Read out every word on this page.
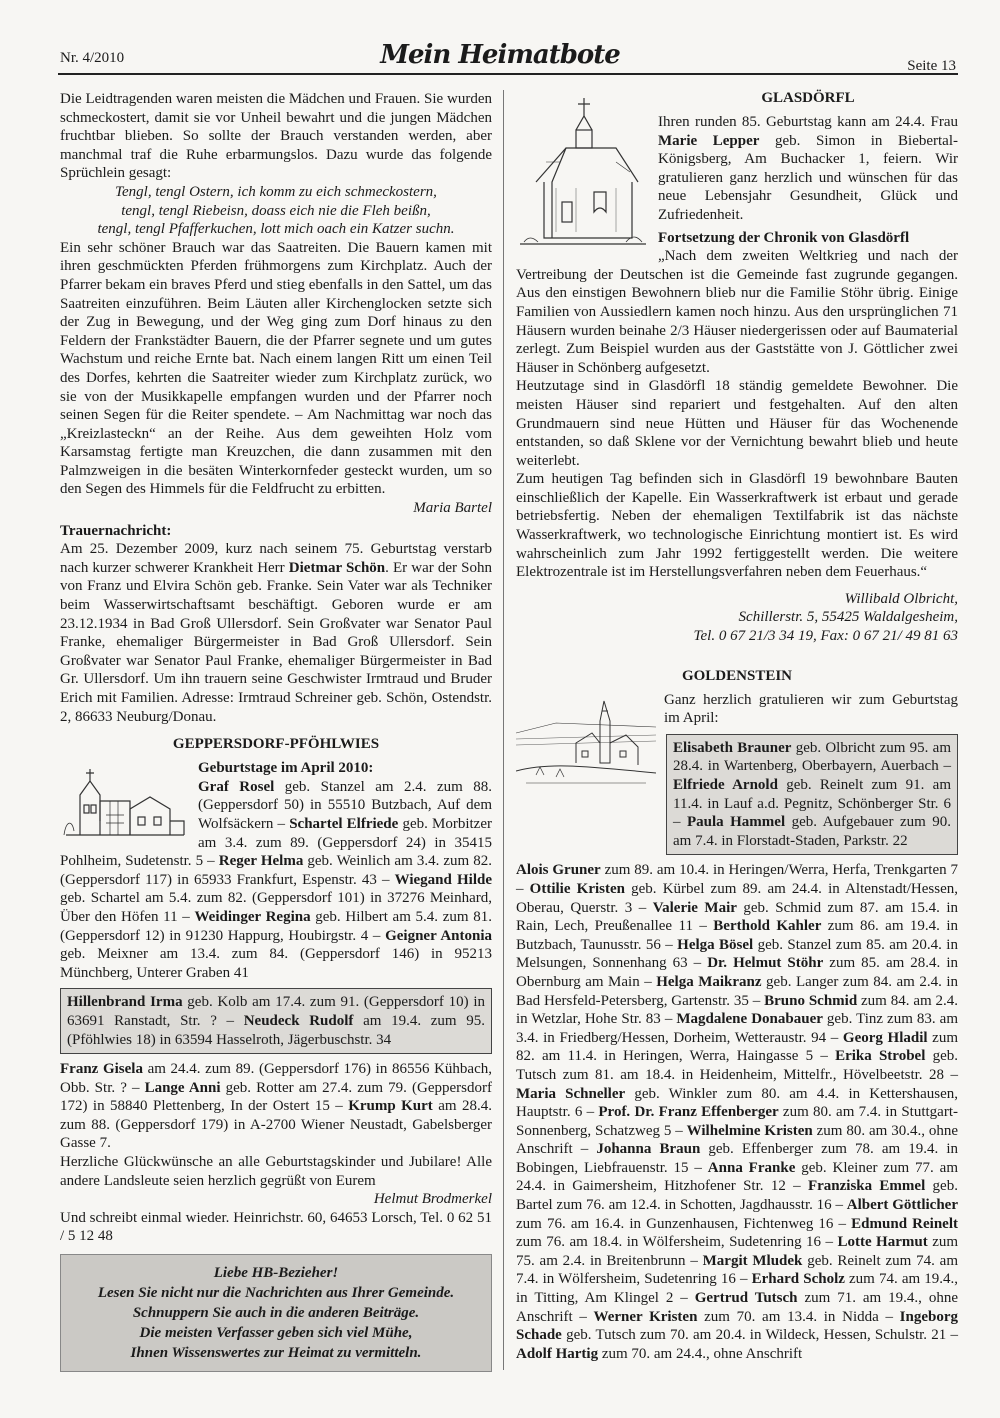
Nr. 4/2010	Mein Heimatbote	Seite 13

Die Leidtragenden waren meisten die Mädchen und Frauen. Sie wurden schmeckostert, damit sie vor Unheil bewahrt und die jungen Mädchen fruchtbar blieben. So sollte der Brauch verstanden werden, aber manchmal traf die Ruhe erbarmungslos. Dazu wurde das folgende Sprüchlein gesagt:

Tengl, tengl Ostern, ich komm zu eich schmeckostern,

tengl, tengl Riebeisn, doass eich nie die Fleh beißn,

tengl, tengl Pfafferkuchen, lott mich oach ein Katzer suchn.

Ein sehr schöner Brauch war das Saatreiten. Die Bauern kamen mit ihren geschmückten Pferden frühmorgens zum Kirchplatz. Auch der Pfarrer bekam ein braves Pferd und stieg ebenfalls in den Sattel, um das Saatreiten einzuführen. Beim Läuten aller Kirchenglocken setzte sich der Zug in Bewegung, und der Weg ging zum Dorf hinaus zu den Feldern der Frankstädter Bauern, die der Pfarrer segnete und um gutes Wachstum und reiche Ernte bat. Nach einem langen Ritt um einen Teil des Dorfes, kehrten die Saatreiter wieder zum Kirchplatz zurück, wo sie von der Musikkapelle empfangen wurden und der Pfarrer noch seinen Segen für die Reiter spendete. – Am Nachmittag war noch das „Kreizlasteckn“ an der Reihe. Aus dem geweihten Holz vom Karsamstag fertigte man Kreuzchen, die dann zusammen mit den Palmzweigen in die besäten Winterkornfeder gesteckt wurden, um so den Segen des Himmels für die Feldfrucht zu erbitten.

Maria Bartel

Trauernachricht:

Am 25. Dezember 2009, kurz nach seinem 75. Geburtstag verstarb nach kurzer schwerer Krankheit Herr Dietmar Schön. Er war der Sohn von Franz und Elvira Schön geb. Franke. Sein Vater war als Techniker beim Wasserwirtschaftsamt beschäftigt. Geboren wurde er am 23.12.1934 in Bad Groß Ullersdorf. Sein Großvater war Senator Paul Franke, ehemaliger Bürgermeister in Bad Groß Ullersdorf. Sein Großvater war Senator Paul Franke, ehemaliger Bürgermeister in Bad Gr. Ullersdorf. Um ihn trauern seine Geschwister Irmtraud und Bruder Erich mit Familien. Adresse: Irmtraud Schreiner geb. Schön, Ostendstr. 2, 86633 Neuburg/Donau.

GEPPERSDORF-PFÖHLWIES

Geburtstage im April 2010:

Graf Rosel geb. Stanzel am 2.4. zum 88. (Geppersdorf 50) in 55510 Butzbach, Auf dem Wolfsäckern – Schartel Elfriede geb. Morbitzer am 3.4. zum 89. (Geppersdorf 24) in 35415 Pohlheim, Sudetenstr. 5 – Reger Helma geb. Weinlich am 3.4. zum 82. (Geppersdorf 117) in 65933 Frankfurt, Espenstr. 43 – Wiegand Hilde geb. Schartel am 5.4. zum 82. (Geppersdorf 101) in 37276 Meinhard, Über den Höfen 11 – Weidinger Regina geb. Hilbert am 5.4. zum 81. (Geppersdorf 12) in 91230 Happurg, Houbirgstr. 4 – Geigner Antonia geb. Meixner am 13.4. zum 84. (Geppersdorf 146) in 95213 Münchberg, Unterer Graben 41

Hillenbrand Irma geb. Kolb am 17.4. zum 91. (Geppersdorf 10) in 63691 Ranstadt, Str. ? – Neudeck Rudolf am 19.4. zum 95. (Pföhlwies 18) in 63594 Hasselroth, Jägerbuschstr. 34

Franz Gisela am 24.4. zum 89. (Geppersdorf 176) in 86556 Kühbach, Obb. Str. ? – Lange Anni geb. Rotter am 27.4. zum 79. (Geppersdorf 172) in 58840 Plettenberg, In der Ostert 15 – Krump Kurt am 28.4. zum 88. (Geppersdorf 179) in A-2700 Wiener Neustadt, Gabelsberger Gasse 7.

Herzliche Glückwünsche an alle Geburtstagskinder und Jubilare! Alle andere Landsleute seien herzlich gegrüßt von Eurem

Helmut Brodmerkel

Und schreibt einmal wieder. Heinrichstr. 60, 64653 Lorsch, Tel. 0 62 51 / 5 12 48

Liebe HB-Bezieher!

Lesen Sie nicht nur die Nachrichten aus Ihrer Gemeinde.

Schnuppern Sie auch in die anderen Beiträge.

Die meisten Verfasser geben sich viel Mühe,

Ihnen Wissenswertes zur Heimat zu vermitteln.

GLASDÖRFL

Ihren runden 85. Geburtstag kann am 24.4. Frau Marie Lepper geb. Simon in Biebertal-Königsberg, Am Buchacker 1, feiern. Wir gratulieren ganz herzlich und wünschen für das neue Lebensjahr Gesundheit, Glück und Zufriedenheit.

Fortsetzung der Chronik von Glasdörfl

„Nach dem zweiten Weltkrieg und nach der Vertreibung der Deutschen ist die Gemeinde fast zugrunde gegangen. Aus den einstigen Bewohnern blieb nur die Familie Stöhr übrig. Einige Familien von Aussiedlern kamen noch hinzu. Aus den ursprünglichen 71 Häusern wurden beinahe 2/3 Häuser niedergerissen oder auf Baumaterial zerlegt. Zum Beispiel wurden aus der Gaststätte von J. Göttlicher zwei Häuser in Schönberg aufgesetzt.

Heutzutage sind in Glasdörfl 18 ständig gemeldete Bewohner. Die meisten Häuser sind repariert und festgehalten. Auf den alten Grundmauern sind neue Hütten und Häuser für das Wochenende entstanden, so daß Sklene vor der Vernichtung bewahrt blieb und heute weiterlebt.

Zum heutigen Tag befinden sich in Glasdörfl 19 bewohnbare Bauten einschließlich der Kapelle. Ein Wasserkraftwerk ist erbaut und gerade betriebsfertig. Neben der ehemaligen Textilfabrik ist das nächste Wasserkraftwerk, wo technologische Einrichtung montiert ist. Es wird wahrscheinlich zum Jahr 1992 fertiggestellt werden. Die weitere Elektrozentrale ist im Herstellungsverfahren neben dem Feuerhaus.“

Willibald Olbricht,

Schillerstr. 5, 55425 Waldalgesheim,

Tel. 0 67 21/3 34 19, Fax: 0 67 21/ 49 81 63

GOLDENSTEIN

Ganz herzlich gratulieren wir zum Geburtstag im April:

Elisabeth Brauner geb. Olbricht zum 95. am 28.4. in Wartenberg, Oberbayern, Auerbach – Elfriede Arnold geb. Reinelt zum 91. am 11.4. in Lauf a.d. Pegnitz, Schönberger Str. 6 – Paula Hammel geb. Aufgebauer zum 90. am 7.4. in Florstadt-Staden, Parkstr. 22

Alois Gruner zum 89. am 10.4. in Heringen/Werra, Herfa, Trenkgarten 7 – Ottilie Kristen geb. Kürbel zum 89. am 24.4. in Altenstadt/Hessen, Oberau, Querstr. 3 – Valerie Mair geb. Schmid zum 87. am 15.4. in Rain, Lech, Preußenallee 11 – Berthold Kahler zum 86. am 19.4. in Butzbach, Taunusstr. 56 – Helga Bösel geb. Stanzel zum 85. am 20.4. in Melsungen, Sonnenhang 63 – Dr. Helmut Stöhr zum 85. am 28.4. in Obernburg am Main – Helga Maikranz geb. Langer zum 84. am 2.4. in Bad Hersfeld-Petersberg, Gartenstr. 35 – Bruno Schmid zum 84. am 2.4. in Wetzlar, Hohe Str. 83 – Magdalene Donabauer geb. Tinz zum 83. am 3.4. in Friedberg/Hessen, Dorheim, Wetteraustr. 94 – Georg Hladil zum 82. am 11.4. in Heringen, Werra, Haingasse 5 – Erika Strobel geb. Tutsch zum 81. am 18.4. in Heidenheim, Mittelfr., Hövelbeetstr. 28 – Maria Schneller geb. Winkler zum 80. am 4.4. in Kettershausen, Hauptstr. 6 – Prof. Dr. Franz Effenberger zum 80. am 7.4. in Stuttgart-Sonnenberg, Schatzweg 5 – Wilhelmine Kristen zum 80. am 30.4., ohne Anschrift – Johanna Braun geb. Effenberger zum 78. am 19.4. in Bobingen, Liebfrauenstr. 15 – Anna Franke geb. Kleiner zum 77. am 24.4. in Gaimersheim, Hitzhofener Str. 12 – Franziska Emmel geb. Bartel zum 76. am 12.4. in Schotten, Jagdhausstr. 16 – Albert Göttlicher zum 76. am 16.4. in Gunzenhausen, Fichtenweg 16 – Edmund Reinelt zum 76. am 18.4. in Wölfersheim, Sudetenring 16 – Lotte Harmut zum 75. am 2.4. in Breitenbrunn – Margit Mludek geb. Reinelt zum 74. am 7.4. in Wölfersheim, Sudetenring 16 – Erhard Scholz zum 74. am 19.4., in Titting, Am Klingel 2 – Gertrud Tutsch zum 71. am 19.4., ohne Anschrift – Werner Kristen zum 70. am 13.4. in Nidda – Ingeborg Schade geb. Tutsch zum 70. am 20.4. in Wildeck, Hessen, Schulstr. 21 – Adolf Hartig zum 70. am 24.4., ohne Anschrift
